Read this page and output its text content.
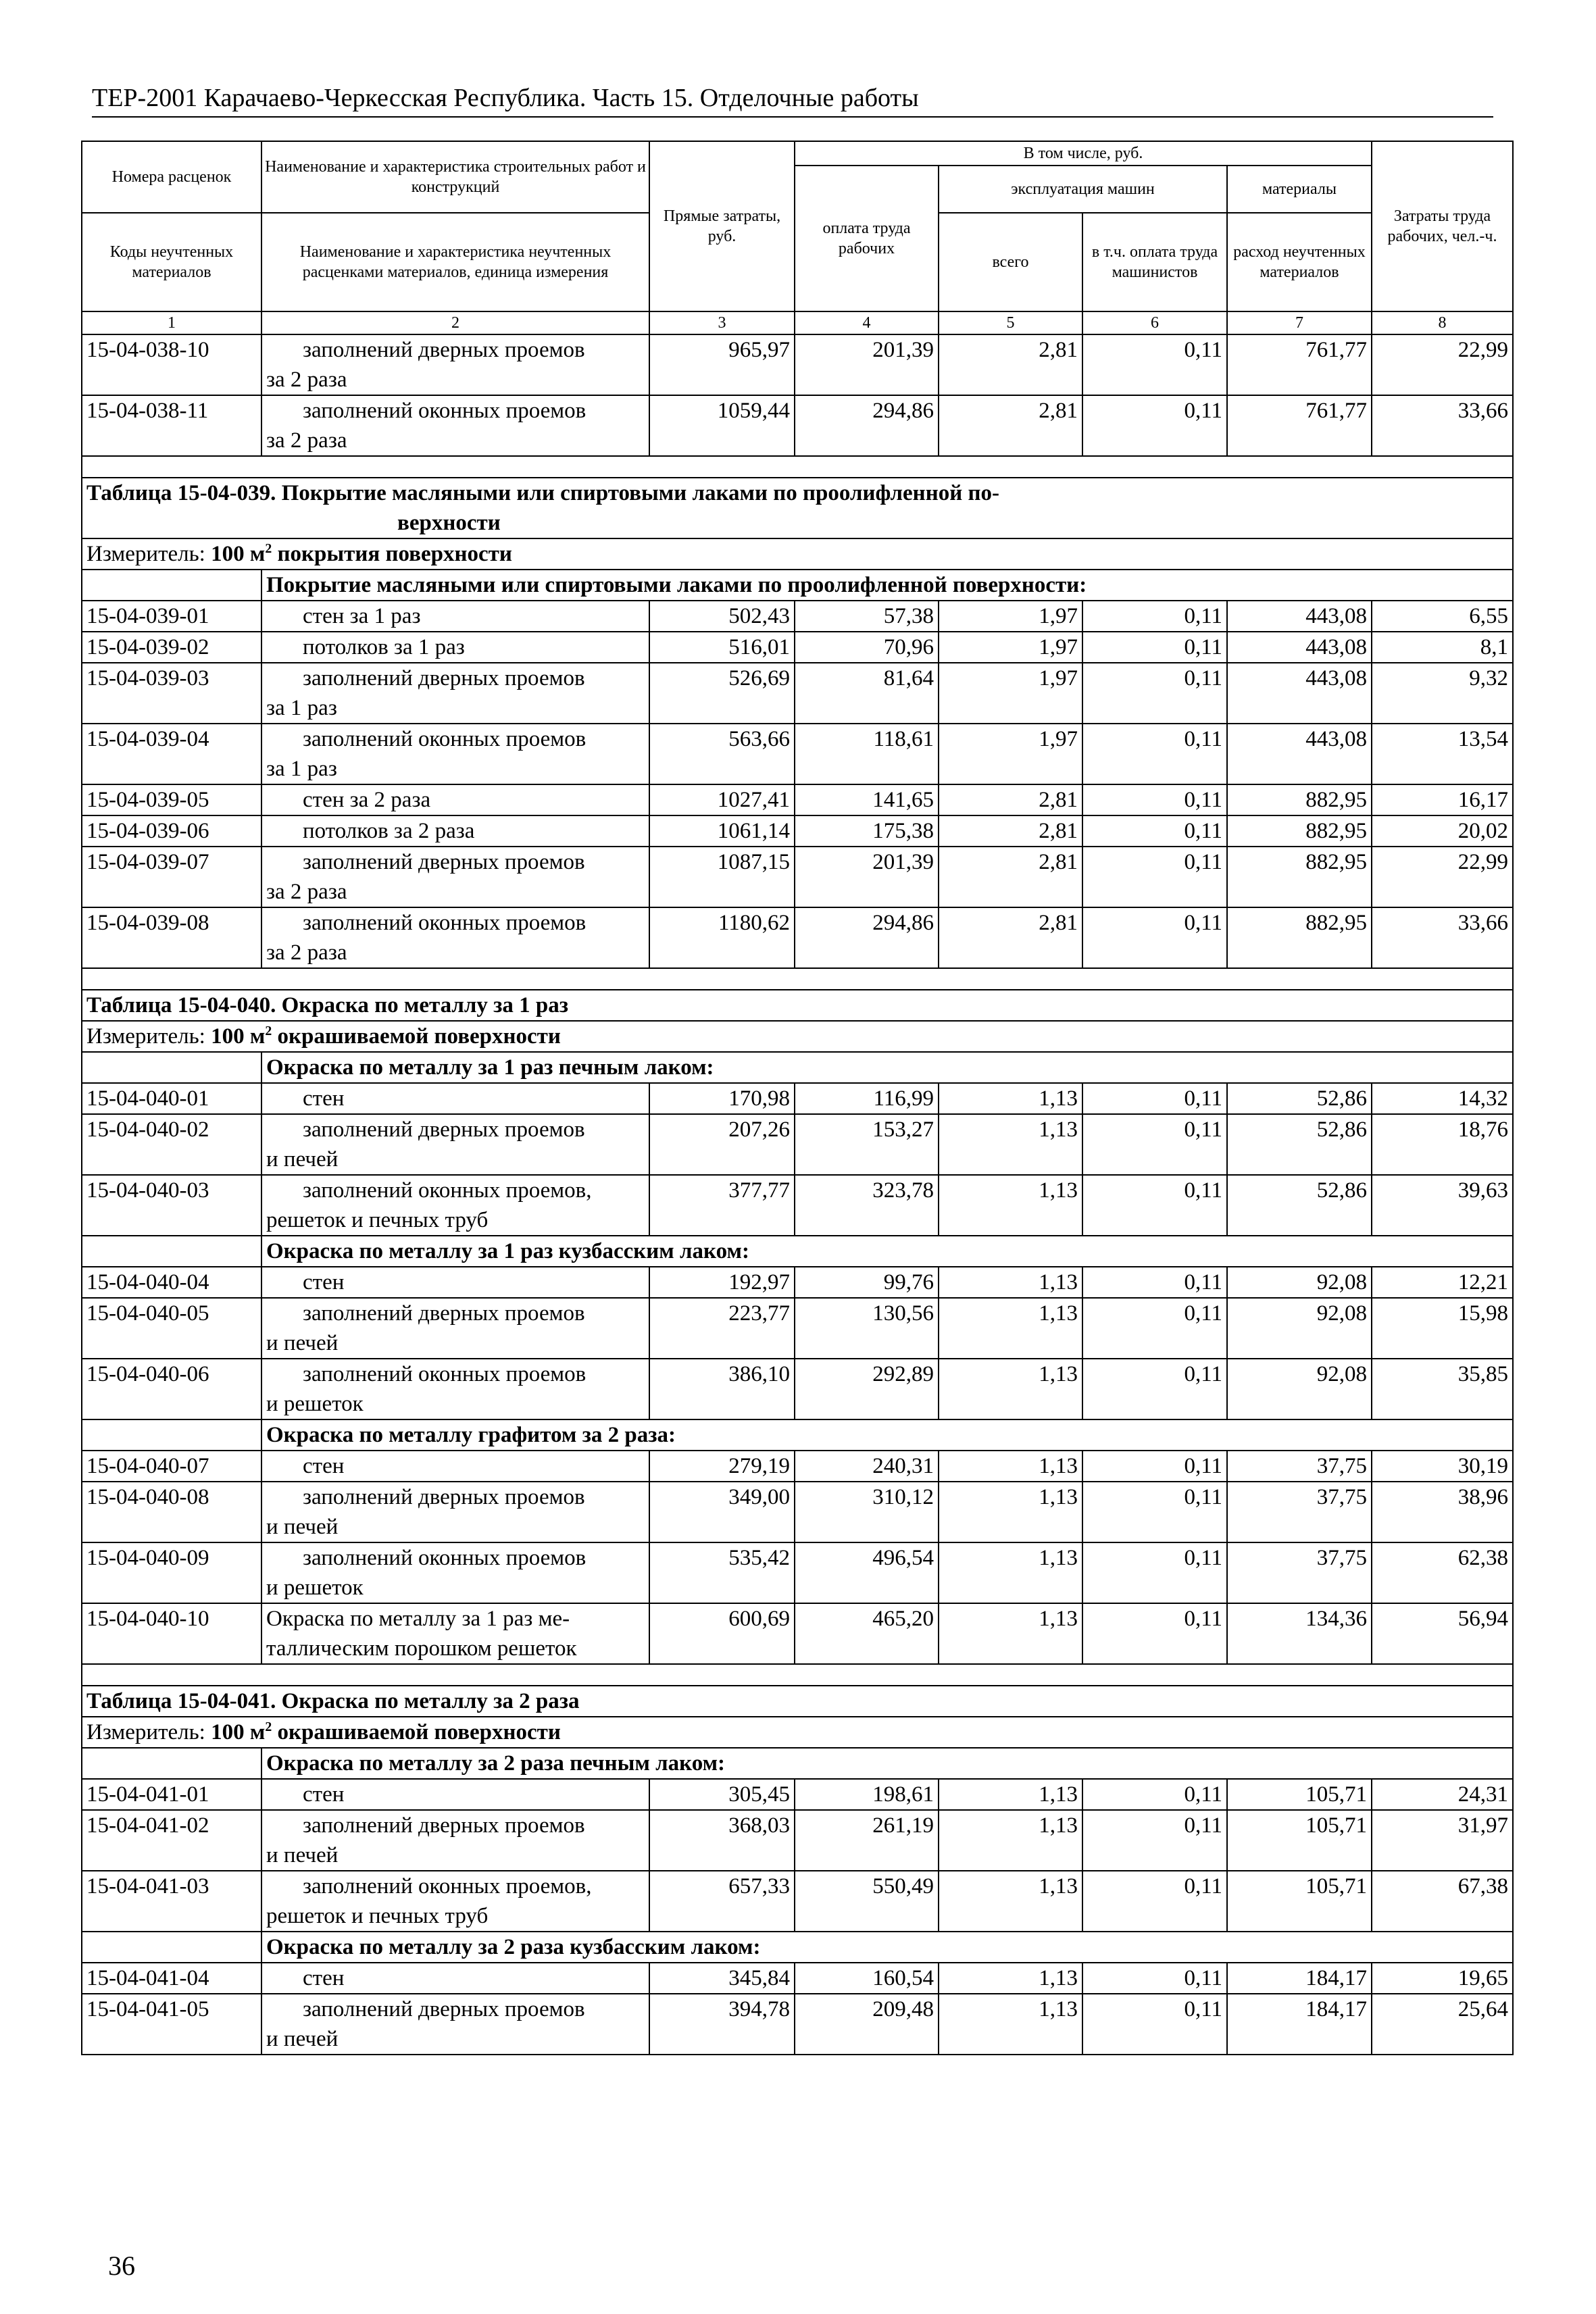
ТЕР-2001 Карачаево-Черкесская Республика. Часть 15. Отделочные работы
Номера расценок	Наименование и характеристика строительных работ и конструкций	Прямые затраты, руб.	В том числе, руб.				Затраты труда рабочих, чел.-ч.
			оплата труда рабочих	эксплуатация машин		материалы	
Коды неучтенных материалов	Наименование и характеристика неучтенных расценками материалов, единица измерения			всего	в т.ч. оплата труда машинистов	расход неучтенных материалов	

1	2	3	4	5	6	7	8
15-04-038-10	заполнений дверных проемов
за 2 раза	965,97	201,39	2,81	0,11	761,77	22,99
15-04-038-11	заполнений оконных проемов
за 2 раза	1059,44	294,86	2,81	0,11	761,77	33,66

Таблица 15-04-039. Покрытие масляными или спиртовыми лаками по проолифленной по-
верхности							

Измеритель: 100 $м^2$ покрытия поверхности							
	Покрытие масляными или спиртовыми лаками по проолифленной поверхности:						
15-04-039-01	стен за 1 раз	502,43	57,38	1,97	0,11	443,08	6,55
15-04-039-02	потолков за 1 раз	516,01	70,96	1,97	0,11	443,08	8,1
15-04-039-03	заполнений дверных проемов
за 1 раз	526,69	81,64	1,97	0,11	443,08	9,32
15-04-039-04	заполнений оконных проемов
за 1 раз	563,66	118,61	1,97	0,11	443,08	13,54
15-04-039-05	стен за 2 раза	1027,41	141,65	2,81	0,11	882,95	16,17
15-04-039-06	потолков за 2 раза	1061,14	175,38	2,81	0,11	882,95	20,02
15-04-039-07	заполнений дверных проемов
за 2 раза	1087,15	201,39	2,81	0,11	882,95	22,99
15-04-039-08	заполнений оконных проемов
за 2 раза	1180,62	294,86	2,81	0,11	882,95	33,66

Таблица 15-04-040. Окраска по металлу за 1 раз							

Измеритель: 100 $м^2$ окрашиваемой поверхности							
	Окраска по металлу за 1 раз печным лаком:						
15-04-040-01	стен	170,98	116,99	1,13	0,11	52,86	14,32
15-04-040-02	заполнений дверных проемов
и печей	207,26	153,27	1,13	0,11	52,86	18,76
15-04-040-03	заполнений оконных проемов,
решеток и печных труб	377,77	323,78	1,13	0,11	52,86	39,63
	Окраска по металлу за 1 раз кузбасским лаком:						
15-04-040-04	стен	192,97	99,76	1,13	0,11	92,08	12,21
15-04-040-05	заполнений дверных проемов
и печей	223,77	130,56	1,13	0,11	92,08	15,98
15-04-040-06	заполнений оконных проемов
и решеток	386,10	292,89	1,13	0,11	92,08	35,85
	Окраска по металлу графитом за 2 раза:						
15-04-040-07	стен	279,19	240,31	1,13	0,11	37,75	30,19
15-04-040-08	заполнений дверных проемов
и печей	349,00	310,12	1,13	0,11	37,75	38,96
15-04-040-09	заполнений оконных проемов
и решеток	535,42	496,54	1,13	0,11	37,75	62,38
15-04-040-10	Окраска по металлу за 1 раз ме-
таллическим порошком решеток	600,69	465,20	1,13	0,11	134,36	56,94

Таблица 15-04-041. Окраска по металлу за 2 раза							

Измеритель: 100 $м^2$ окрашиваемой поверхности							
	Окраска по металлу за 2 раза печным лаком:						
15-04-041-01	стен	305,45	198,61	1,13	0,11	105,71	24,31
15-04-041-02	заполнений дверных проемов
и печей	368,03	261,19	1,13	0,11	105,71	31,97
15-04-041-03	заполнений оконных проемов,
решеток и печных труб	657,33	550,49	1,13	0,11	105,71	67,38
	Окраска по металлу за 2 раза кузбасским лаком:						
15-04-041-04	стен	345,84	160,54	1,13	0,11	184,17	19,65
15-04-041-05	заполнений дверных проемов
и печей	394,78	209,48	1,13	0,11	184,17	25,64
36
